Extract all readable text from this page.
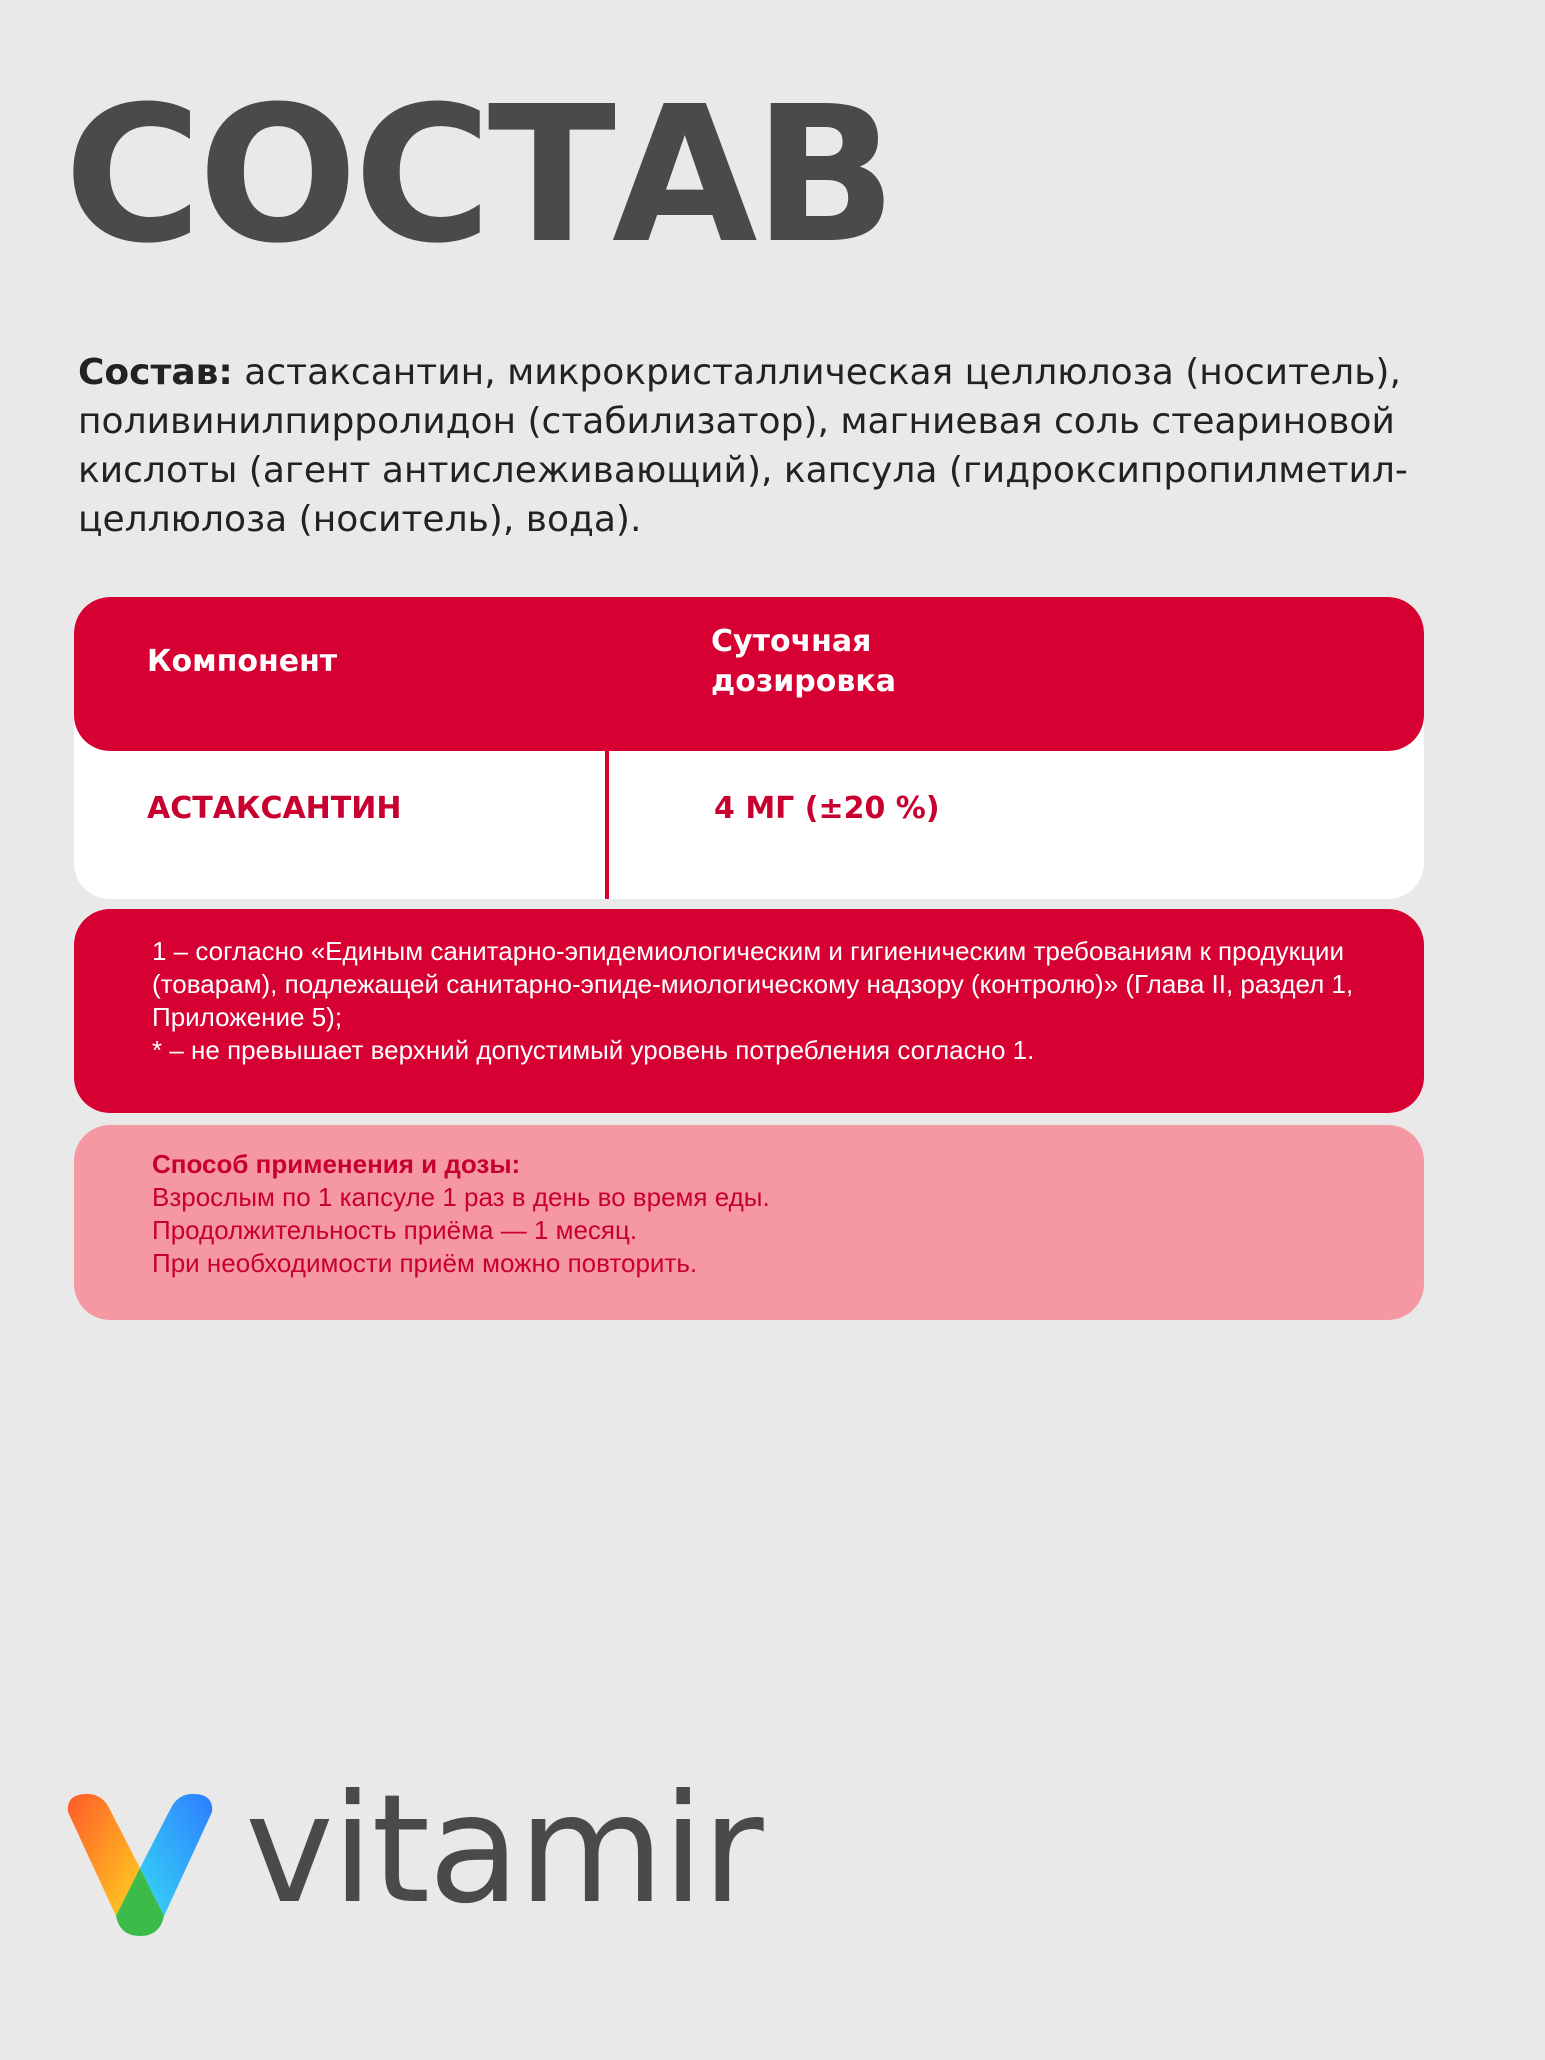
СОСТАВ

Состав: астаксантин, микрокристаллическая целлюлоза (носитель), поливинилпирролидон (стабилизатор), магниевая соль стеариновой кислоты (агент антислеживающий), капсула (гидроксипропилметил-целлюлоза (носитель), вода).

Компонент
Суточная дозировка
АСТАКСАНТИН	4 МГ (±20 %)

1 – согласно «Единым санитарно-эпидемиологическим и гигиеническим требованиям к продукции (товарам), подлежащей санитарно-эпиде-миологическому надзору (контролю)» (Глава II, раздел 1, Приложение 5);

* – не превышает верхний допустимый уровень потребления согласно 1.

Способ применения и дозы:

Взрослым по 1 капсуле 1 раз в день во время еды.

Продолжительность приёма — 1 месяц.

При необходимости приём можно повторить.

vitamir
